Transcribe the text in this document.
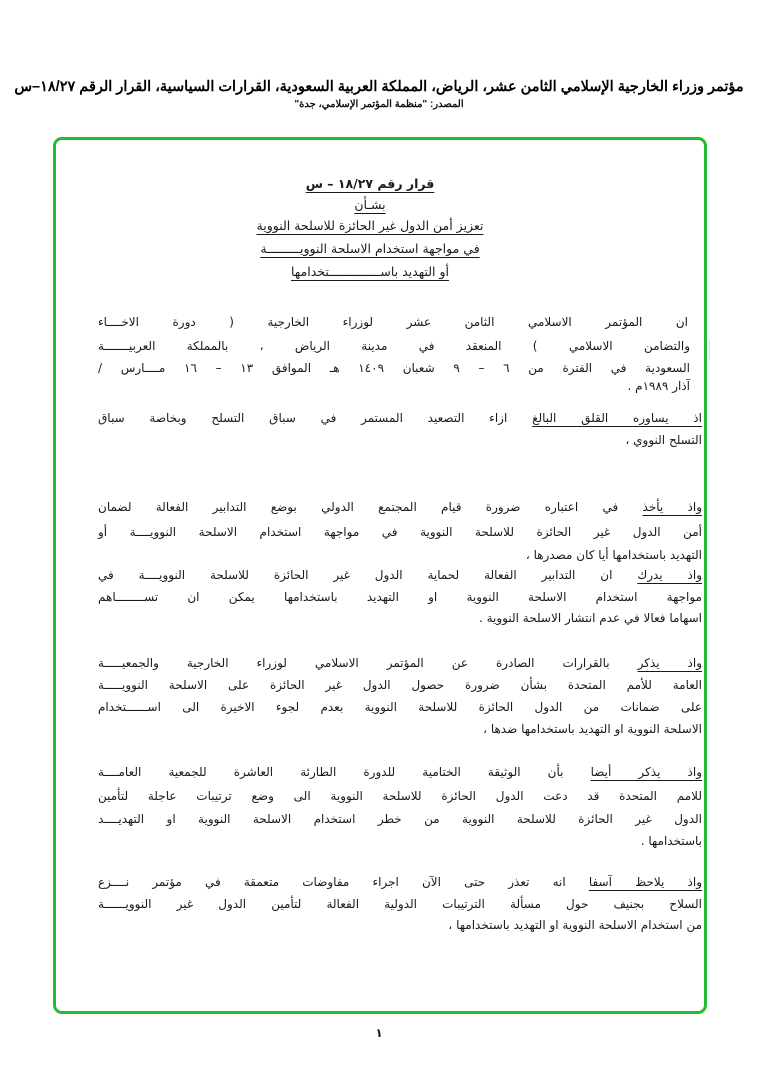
مؤتمر وزراء الخارجية الإسلامي الثامن عشر، الرياض، المملكة العربية السعودية، القرارات السياسية، القرار الرقم ١٨/٢٧–س
المصدر: "منظمة المؤتمر الإسلامي، جدة"
قرار رقم ١٨/٢٧ – س
بشـأن
تعزيز أمن الدول غير الحائزة للاسلحة النووية
في مواجهة استخدام الاسلحة النوويـــــــــة
أو التهديد باســــــــــــــتخدامها
ان المؤتمر الاسلامي الثامن عشر لوزراء الخارجية ( دورة الاخــــاء
والتضامن الاسلامي ) المنعقد في مدينة الرياض ، بالمملكة العربيـــــــة
السعودية في الفترة من ٦ – ٩ شعبان ١٤٠٩ هـ الموافق ١٣ – ١٦ مــــارس /
آذار ١٩٨٩م .
اذ يساوره القلق البالغ ازاء التصعيد المستمر في سباق التسلح وبخاصة سباق
التسلح النووي ،
واذ يأخذ في اعتباره ضرورة قيام المجتمع الدولي بوضع التدابير الفعالة لضمان
أمن الدول غير الحائزة للاسلحة النووية في مواجهة استخدام الاسلحة النوويــــة أو
التهديد باستخدامها أيا كان مصدرها ،
واذ يدرك ان التدابير الفعالة لحماية الدول غير الحائزة للاسلحة النوويــــة في
مواجهة استخدام الاسلحة النووية او التهديد باستخدامها يمكن ان تســــــــاهم
اسهاما فعالا في عدم انتشار الاسلحة النووية .
واذ يذكر بالقرارات الصادرة عن المؤتمر الاسلامي لوزراء الخارجية والجمعيـــــة
العامة للأمم المتحدة بشأن ضرورة حصول الدول غير الحائزة على الاسلحة النوويـــــة
على ضمانات من الدول الحائزة للاسلحة النووية بعدم لجوء الاخيرة الى اســــــتخدام
الاسلحة النووية او التهديد باستخدامها ضدها ،
واذ يذكر أيضا بأن الوثيقة الختامية للدورة الطارئة العاشرة للجمعية العامــــة
للامم المتحدة قد دعت الدول الحائزة للاسلحة النووية الى وضع ترتيبات عاجلة لتأمين
الدول غير الحائزة للاسلحة النووية من خطر استخدام الاسلحة النووية او التهديــــد
باستخدامها .
واذ يلاحظ آسفا انه تعذر حتى الآن اجراء مفاوضات متعمقة في مؤتمر نــــزع
السلاح بجنيف حول مسألة الترتيبات الدولية الفعالة لتأمين الدول غير النوويــــــة
من استخدام الاسلحة النووية او التهديد باستخدامها ،
١
